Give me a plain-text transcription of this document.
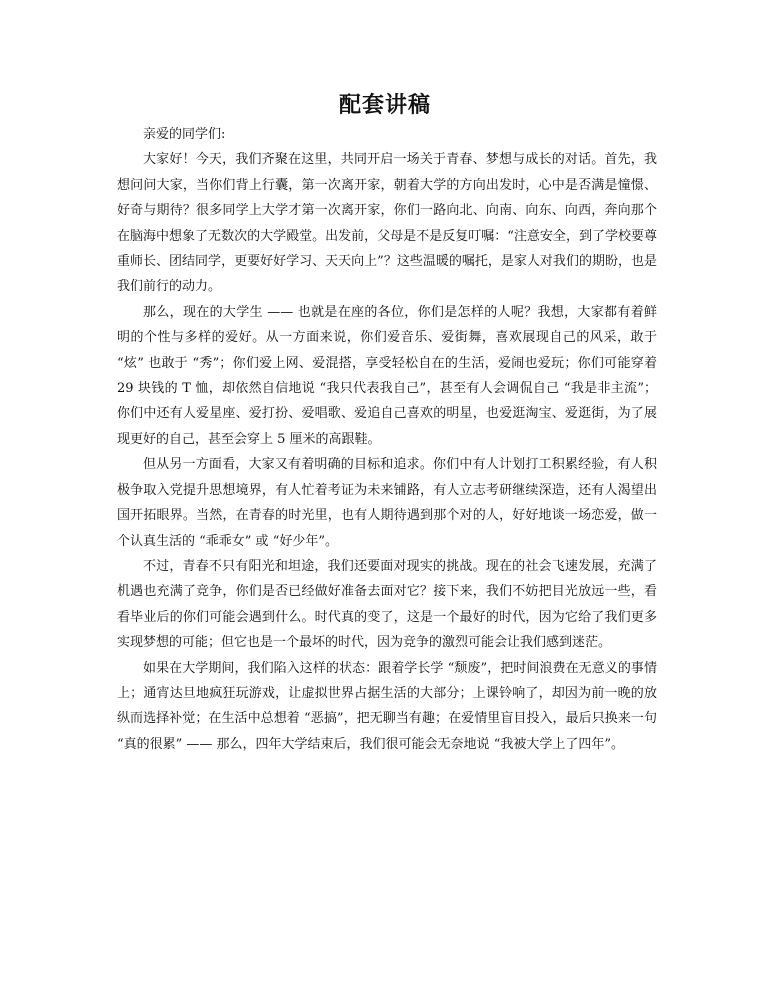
配套讲稿

亲爱的同学们:

大家好！今天，我们齐聚在这里，共同开启一场关于青春、梦想与成长的对话。首先，我想问问大家，当你们背上行囊，第一次离开家，朝着大学的方向出发时，心中是否满是憧憬、好奇与期待？很多同学上大学才第一次离开家，你们一路向北、向南、向东、向西，奔向那个在脑海中想象了无数次的大学殿堂。出发前，父母是不是反复叮嘱：“注意安全，到了学校要尊重师长、团结同学，更要好好学习、天天向上”？这些温暖的嘱托，是家人对我们的期盼，也是我们前行的动力。

那么，现在的大学生 —— 也就是在座的各位，你们是怎样的人呢？我想，大家都有着鲜明的个性与多样的爱好。从一方面来说，你们爱音乐、爱街舞，喜欢展现自己的风采，敢于 “炫” 也敢于 “秀”；你们爱上网、爱混搭，享受轻松自在的生活，爱闹也爱玩；你们可能穿着 29 块钱的 T 恤，却依然自信地说 “我只代表我自己”，甚至有人会调侃自己 “我是非主流”；你们中还有人爱星座、爱打扮、爱唱歌、爱追自己喜欢的明星，也爱逛淘宝、爱逛街，为了展现更好的自己，甚至会穿上 5 厘米的高跟鞋。

但从另一方面看，大家又有着明确的目标和追求。你们中有人计划打工积累经验，有人积极争取入党提升思想境界，有人忙着考证为未来铺路，有人立志考研继续深造，还有人渴望出国开拓眼界。当然，在青春的时光里，也有人期待遇到那个对的人，好好地谈一场恋爱，做一个认真生活的 “乖乖女” 或 “好少年”。

不过，青春不只有阳光和坦途，我们还要面对现实的挑战。现在的社会飞速发展，充满了机遇也充满了竞争，你们是否已经做好准备去面对它？接下来，我们不妨把目光放远一些，看看毕业后的你们可能会遇到什么。时代真的变了，这是一个最好的时代，因为它给了我们更多实现梦想的可能；但它也是一个最坏的时代，因为竞争的激烈可能会让我们感到迷茫。

如果在大学期间，我们陷入这样的状态：跟着学长学 “颓废”，把时间浪费在无意义的事情上；通宵达旦地疯狂玩游戏，让虚拟世界占据生活的大部分；上课铃响了，却因为前一晚的放纵而选择补觉；在生活中总想着 “恶搞”，把无聊当有趣；在爱情里盲目投入，最后只换来一句 “真的很累” —— 那么，四年大学结束后，我们很可能会无奈地说 “我被大学上了四年”。
